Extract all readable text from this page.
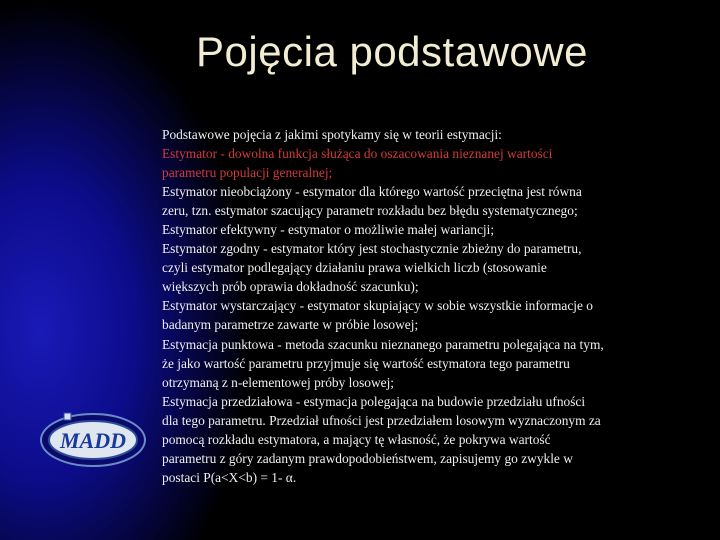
Pojęcia podstawowe
MADD
Podstawowe pojęcia z jakimi spotykamy się w teorii estymacji:
Estymator - dowolna funkcja służąca do oszacowania nieznanej wartości
parametru populacji generalnej;
Estymator nieobciążony - estymator dla którego wartość przeciętna jest równa
zeru, tzn. estymator szacujący parametr rozkładu bez błędu systematycznego;
Estymator efektywny - estymator o możliwie małej wariancji;
Estymator zgodny - estymator który jest stochastycznie zbieżny do parametru,
czyli estymator podlegający działaniu prawa wielkich liczb (stosowanie
większych prób oprawia dokładność szacunku);
Estymator wystarczający - estymator skupiający w sobie wszystkie informacje o
badanym parametrze zawarte w próbie losowej;
Estymacja punktowa - metoda szacunku nieznanego parametru polegająca na tym,
że jako wartość parametru przyjmuje się wartość estymatora tego parametru
otrzymaną z n-elementowej próby losowej;
Estymacja przedziałowa - estymacja polegająca na budowie przedziału ufności
dla tego parametru. Przedział ufności jest przedziałem losowym wyznaczonym za
pomocą rozkładu estymatora, a mający tę własność, że pokrywa wartość
parametru z góry zadanym prawdopodobieństwem, zapisujemy go zwykle w
postaci P(a<X<b) = 1- α.
